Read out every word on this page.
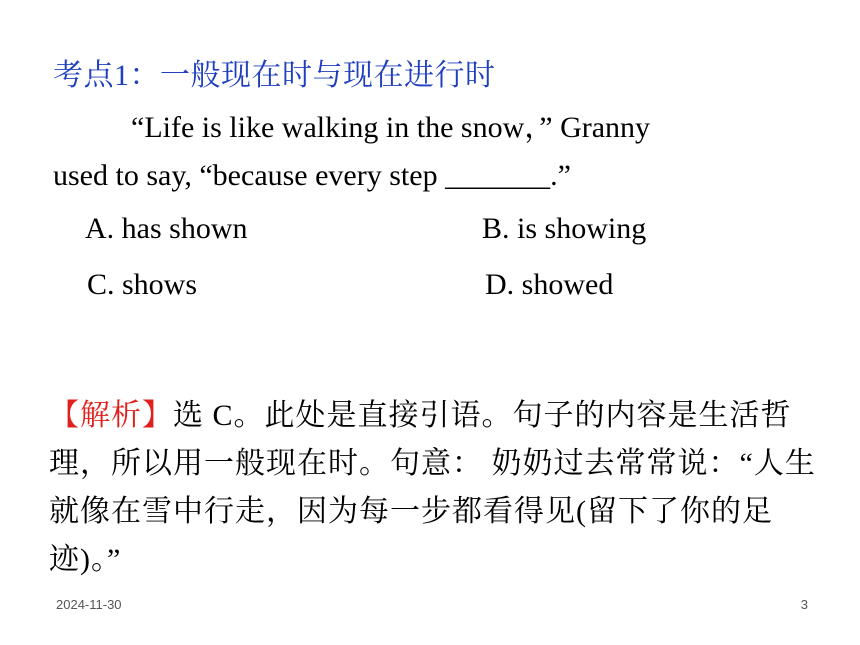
考点1：一般现在时与现在进行时
“Life is like walking in the snow，” Granny
used to say, “because every step _______.”
A. has shown	B. is showing
C. shows	D. showed
【解析】选 C。此处是直接引语。句子的内容是生活哲理，所以用一般现在时。句意： 奶奶过去常常说：“人生就像在雪中行走，因为每一步都看得见(留下了你的足迹)。”
2024-11-30	3
